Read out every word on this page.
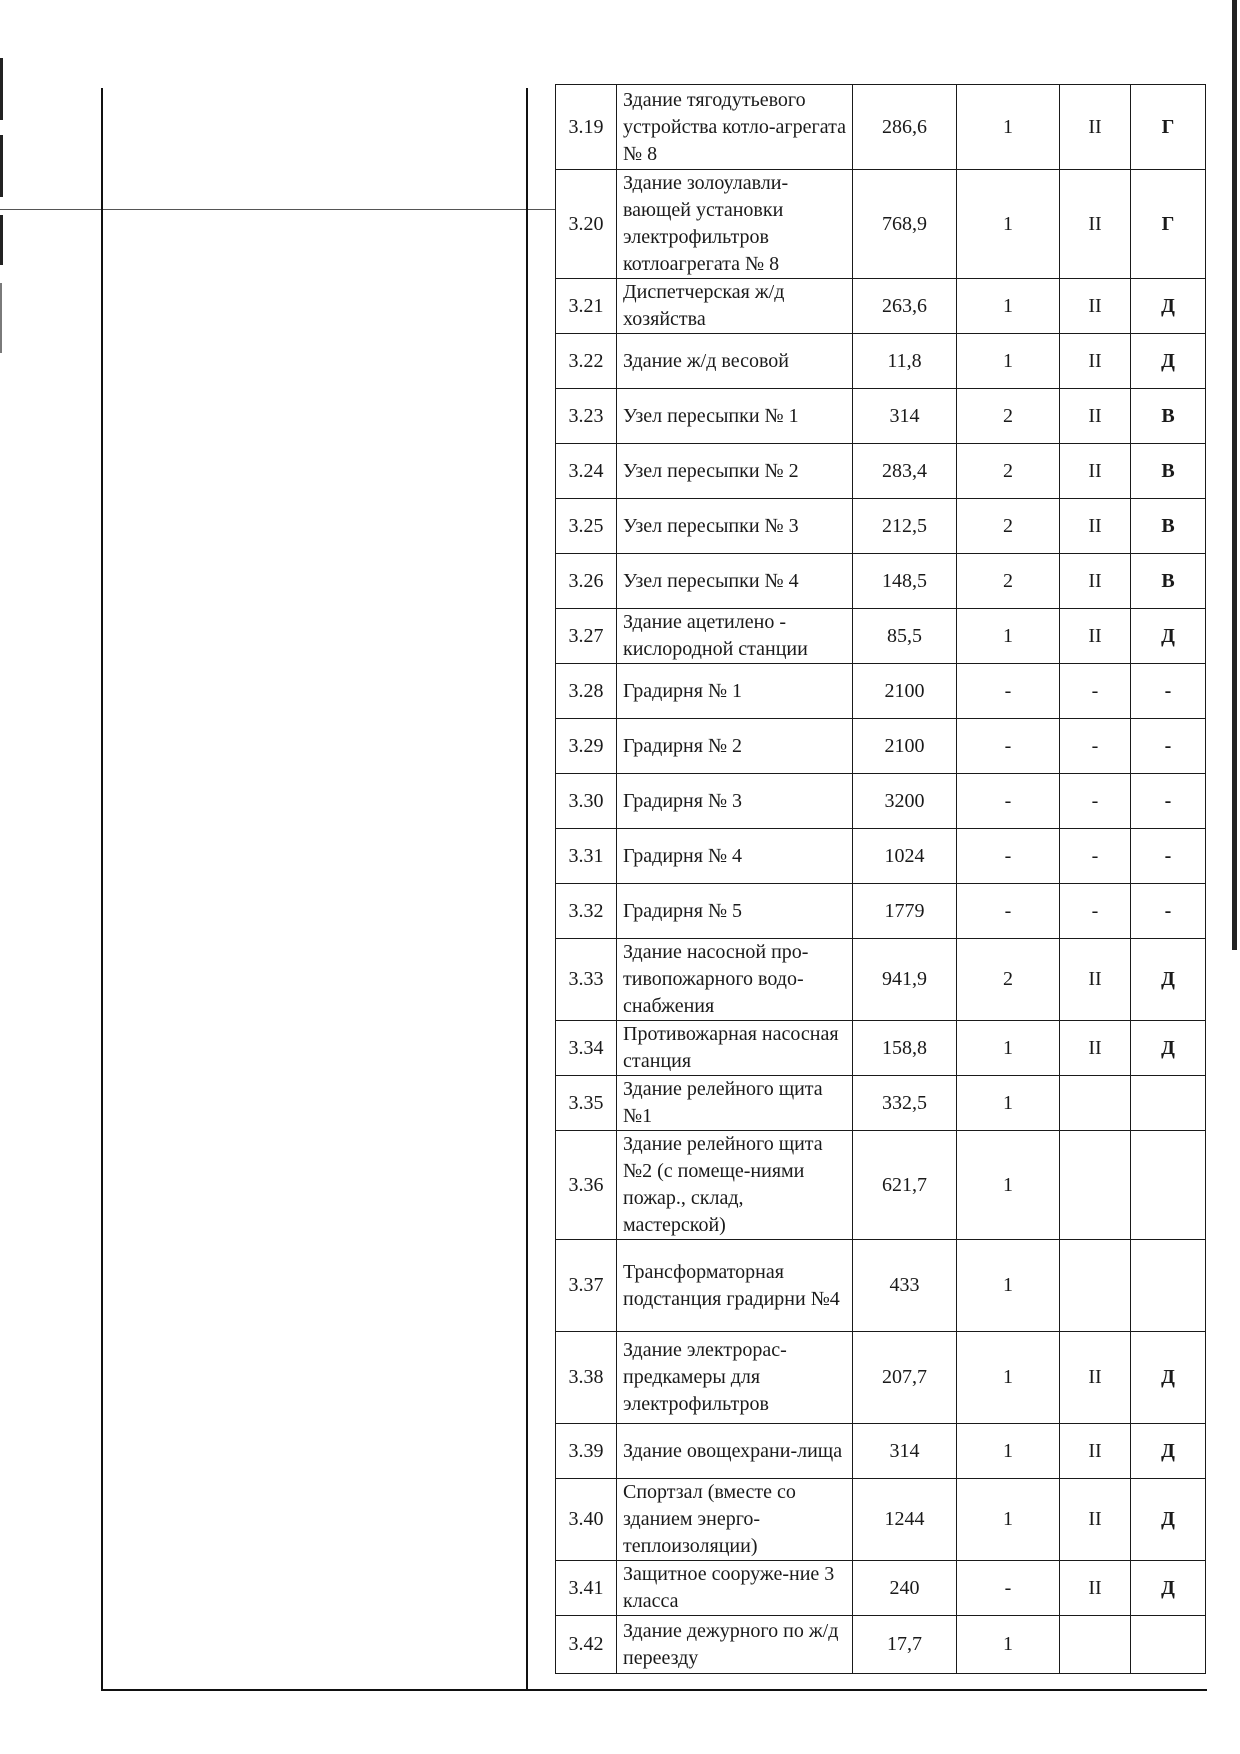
3.19	Здание тягодутьевого устройства котло-агрегата № 8	286,6	1	II	Г
3.20	Здание золоулавли-вающей установки электрофильтров котлоагрегата № 8	768,9	1	II	Г
3.21	Диспетчерская ж/д хозяйства	263,6	1	II	Д
3.22	Здание ж/д весовой	11,8	1	II	Д
3.23	Узел пересыпки № 1	314	2	II	В
3.24	Узел пересыпки № 2	283,4	2	II	В
3.25	Узел пересыпки № 3	212,5	2	II	В
3.26	Узел пересыпки № 4	148,5	2	II	В
3.27	Здание ацетилено - кислородной станции	85,5	1	II	Д
3.28	Градирня № 1	2100	-	-	-
3.29	Градирня № 2	2100	-	-	-
3.30	Градирня № 3	3200	-	-	-
3.31	Градирня № 4	1024	-	-	-
3.32	Градирня № 5	1779	-	-	-
3.33	Здание насосной про-тивопожарного водо-снабжения	941,9	2	II	Д
3.34	Противожарная насосная станция	158,8	1	II	Д
3.35	Здание релейного щита №1	332,5	1		
3.36	Здание релейного щита №2 (с помеще-ниями пожар., склад, мастерской)	621,7	1		
3.37	Трансформаторная подстанция градирни №4	433	1		
3.38	Здание электрорас-предкамеры для электрофильтров	207,7	1	II	Д
3.39	Здание овощехрани-лища	314	1	II	Д
3.40	Спортзал (вместе со зданием энерго-теплоизоляции)	1244	1	II	Д
3.41	Защитное сооруже-ние 3 класса	240	-	II	Д
3.42	Здание дежурного по ж/д переезду	17,7	1		
